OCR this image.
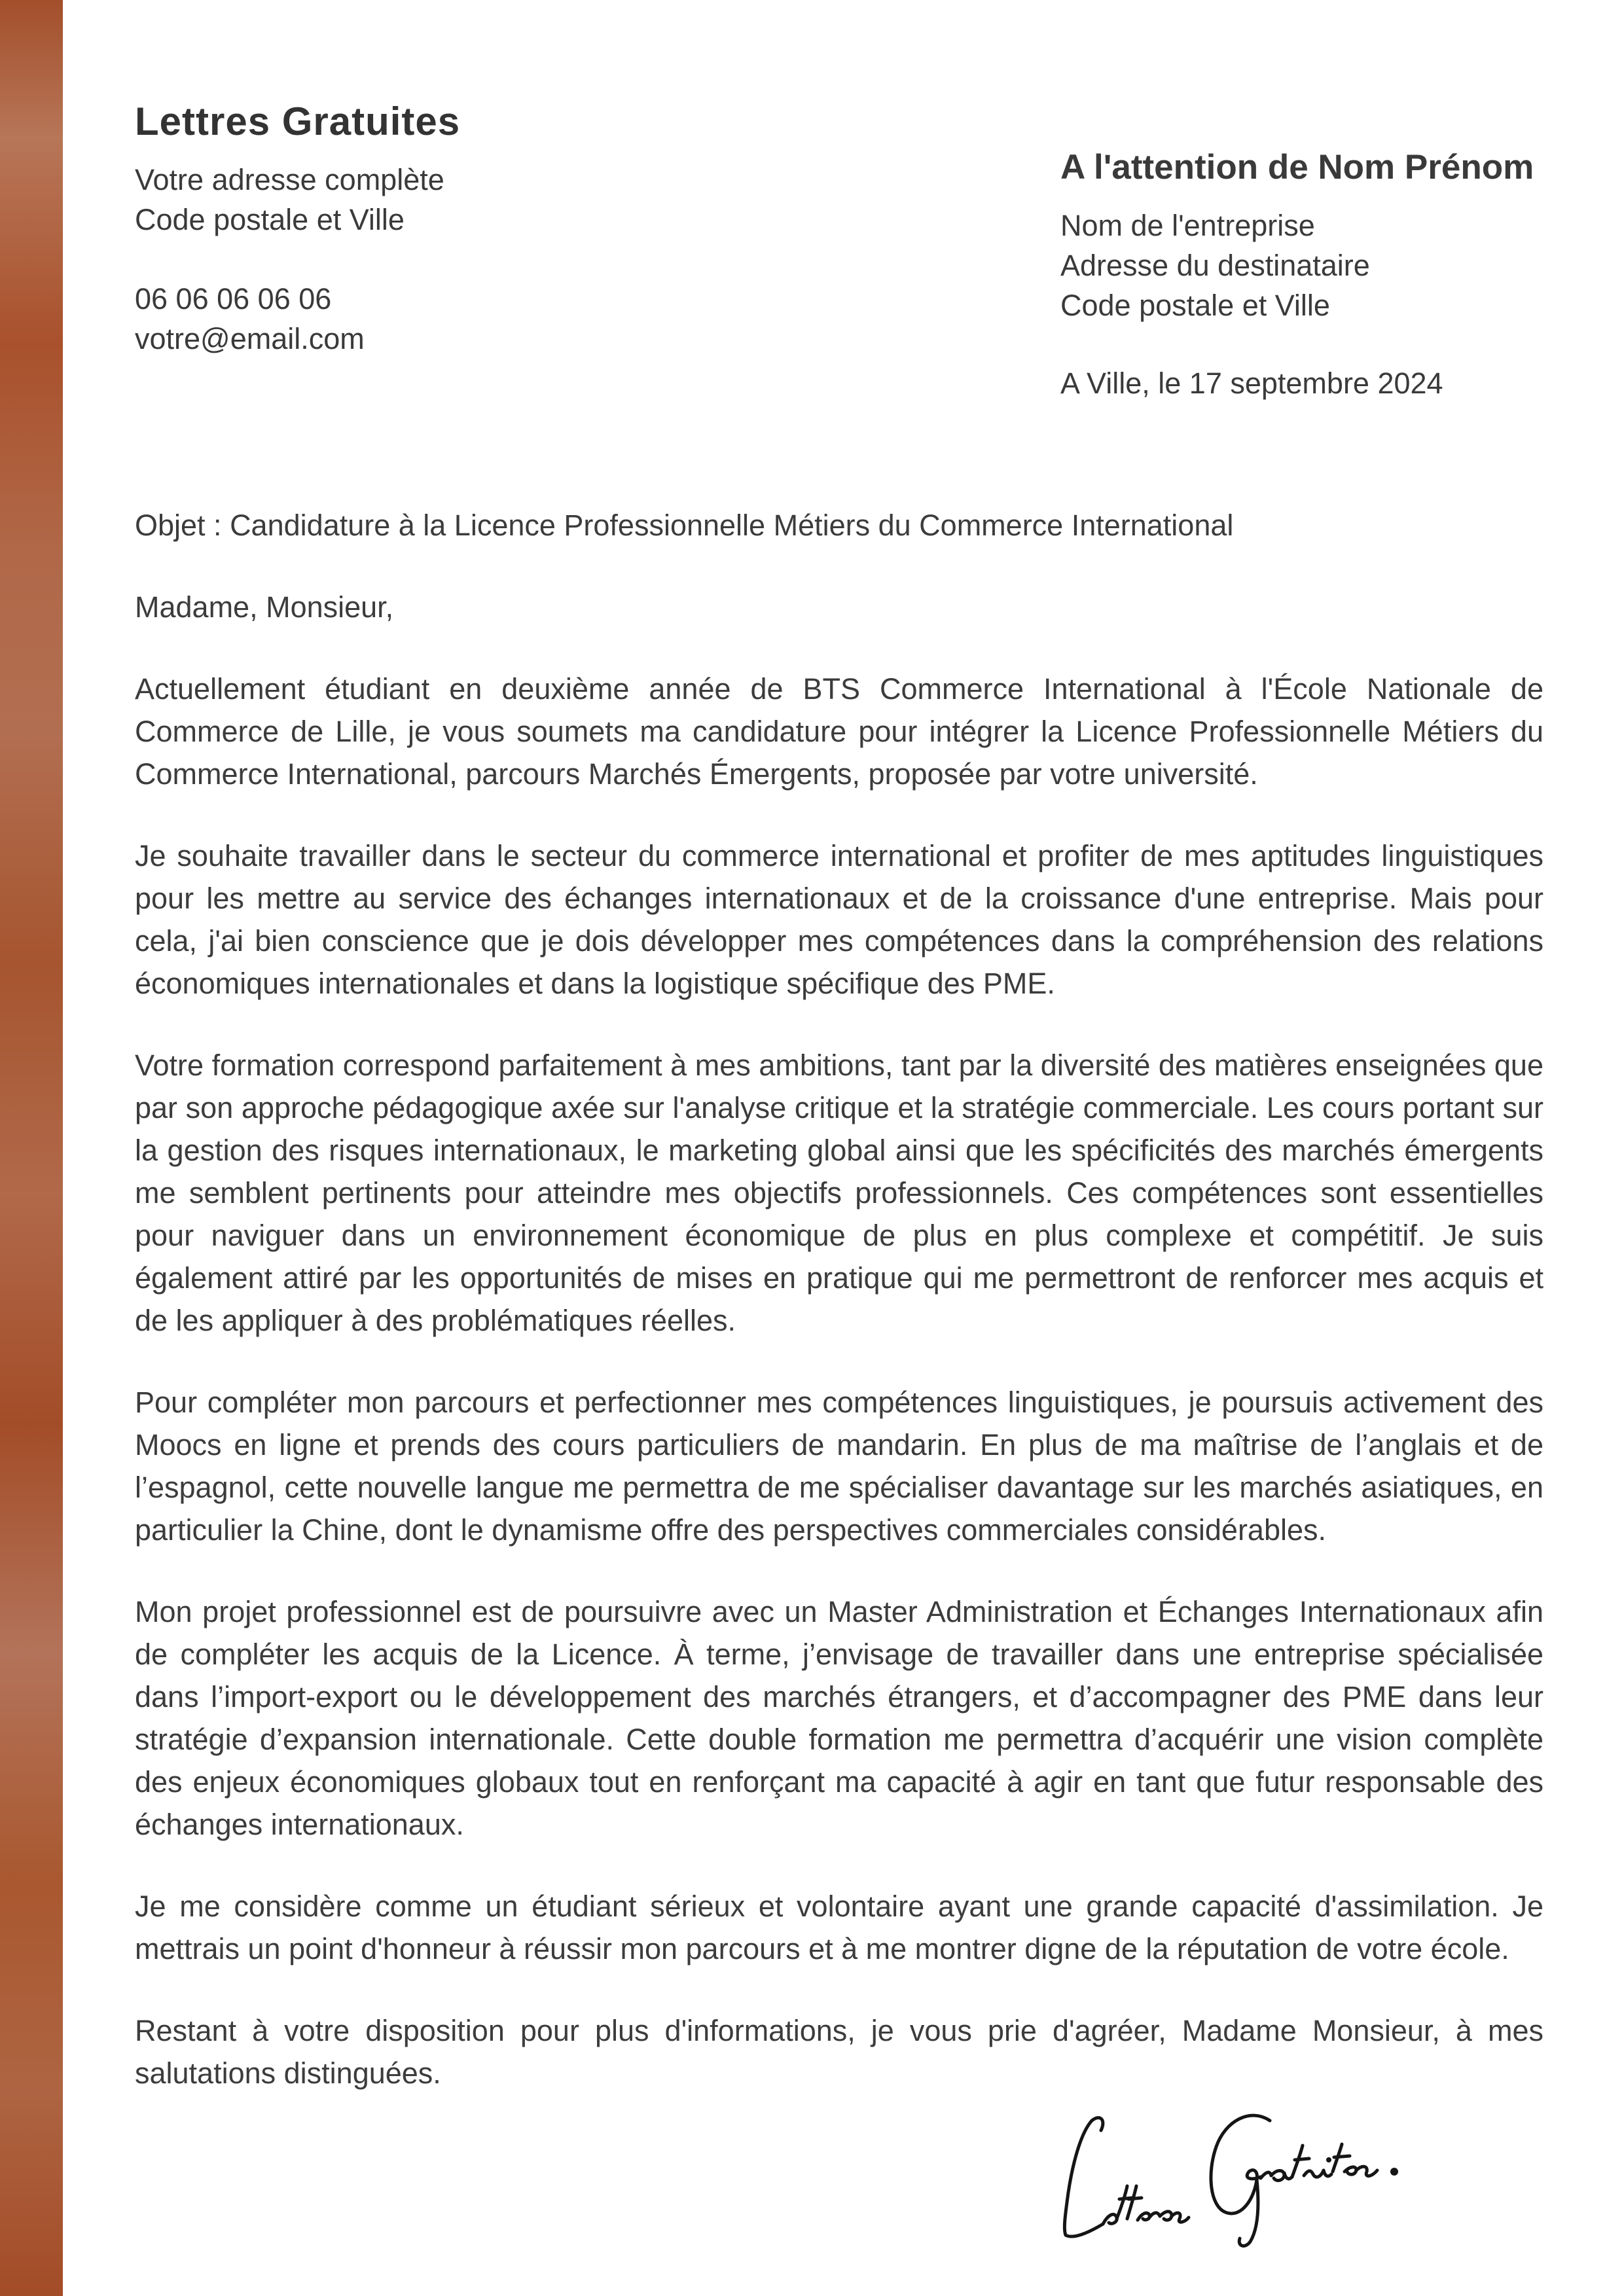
Lettres Gratuites
Votre adresse complète
Code postale et Ville
06 06 06 06 06
votre@email.com
A l'attention de Nom Prénom
Nom de l'entreprise
Adresse du destinataire
Code postale et Ville
A Ville, le 17 septembre 2024

Objet : Candidature à la Licence Professionnelle Métiers du Commerce International

Madame, Monsieur,

Actuellement étudiant en deuxième année de BTS Commerce International à l'École Nationale de Commerce de Lille, je vous soumets ma candidature pour intégrer la Licence Professionnelle Métiers du Commerce International, parcours Marchés Émergents, proposée par votre université.

Je souhaite travailler dans le secteur du commerce international et profiter de mes aptitudes linguistiques pour les mettre au service des échanges internationaux et de la croissance d'une entreprise. Mais pour cela, j'ai bien conscience que je dois développer mes compétences dans la compréhension des relations économiques internationales et dans la logistique spécifique des PME.

Votre formation correspond parfaitement à mes ambitions, tant par la diversité des matières enseignées que par son approche pédagogique axée sur l'analyse critique et la stratégie commerciale. Les cours portant sur la gestion des risques internationaux, le marketing global ainsi que les spécificités des marchés émergents me semblent pertinents pour atteindre mes objectifs professionnels. Ces compétences sont essentielles pour naviguer dans un environnement économique de plus en plus complexe et compétitif. Je suis également attiré par les opportunités de mises en pratique qui me permettront de renforcer mes acquis et de les appliquer à des problématiques réelles.

Pour compléter mon parcours et perfectionner mes compétences linguistiques, je poursuis activement des Moocs en ligne et prends des cours particuliers de mandarin. En plus de ma maîtrise de l’anglais et de l’espagnol, cette nouvelle langue me permettra de me spécialiser davantage sur les marchés asiatiques, en particulier la Chine, dont le dynamisme offre des perspectives commerciales considérables.

Mon projet professionnel est de poursuivre avec un Master Administration et Échanges Internationaux afin de compléter les acquis de la Licence. À terme, j’envisage de travailler dans une entreprise spécialisée dans l’import-export ou le développement des marchés étrangers, et d’accompagner des PME dans leur stratégie d’expansion internationale. Cette double formation me permettra d’acquérir une vision complète des enjeux économiques globaux tout en renforçant ma capacité à agir en tant que futur responsable des échanges internationaux.

Je me considère comme un étudiant sérieux et volontaire ayant une grande capacité d'assimilation. Je mettrais un point d'honneur à réussir mon parcours et à me montrer digne de la réputation de votre école.

Restant à votre disposition pour plus d'informations, je vous prie d'agréer, Madame Monsieur, à mes salutations distinguées.
